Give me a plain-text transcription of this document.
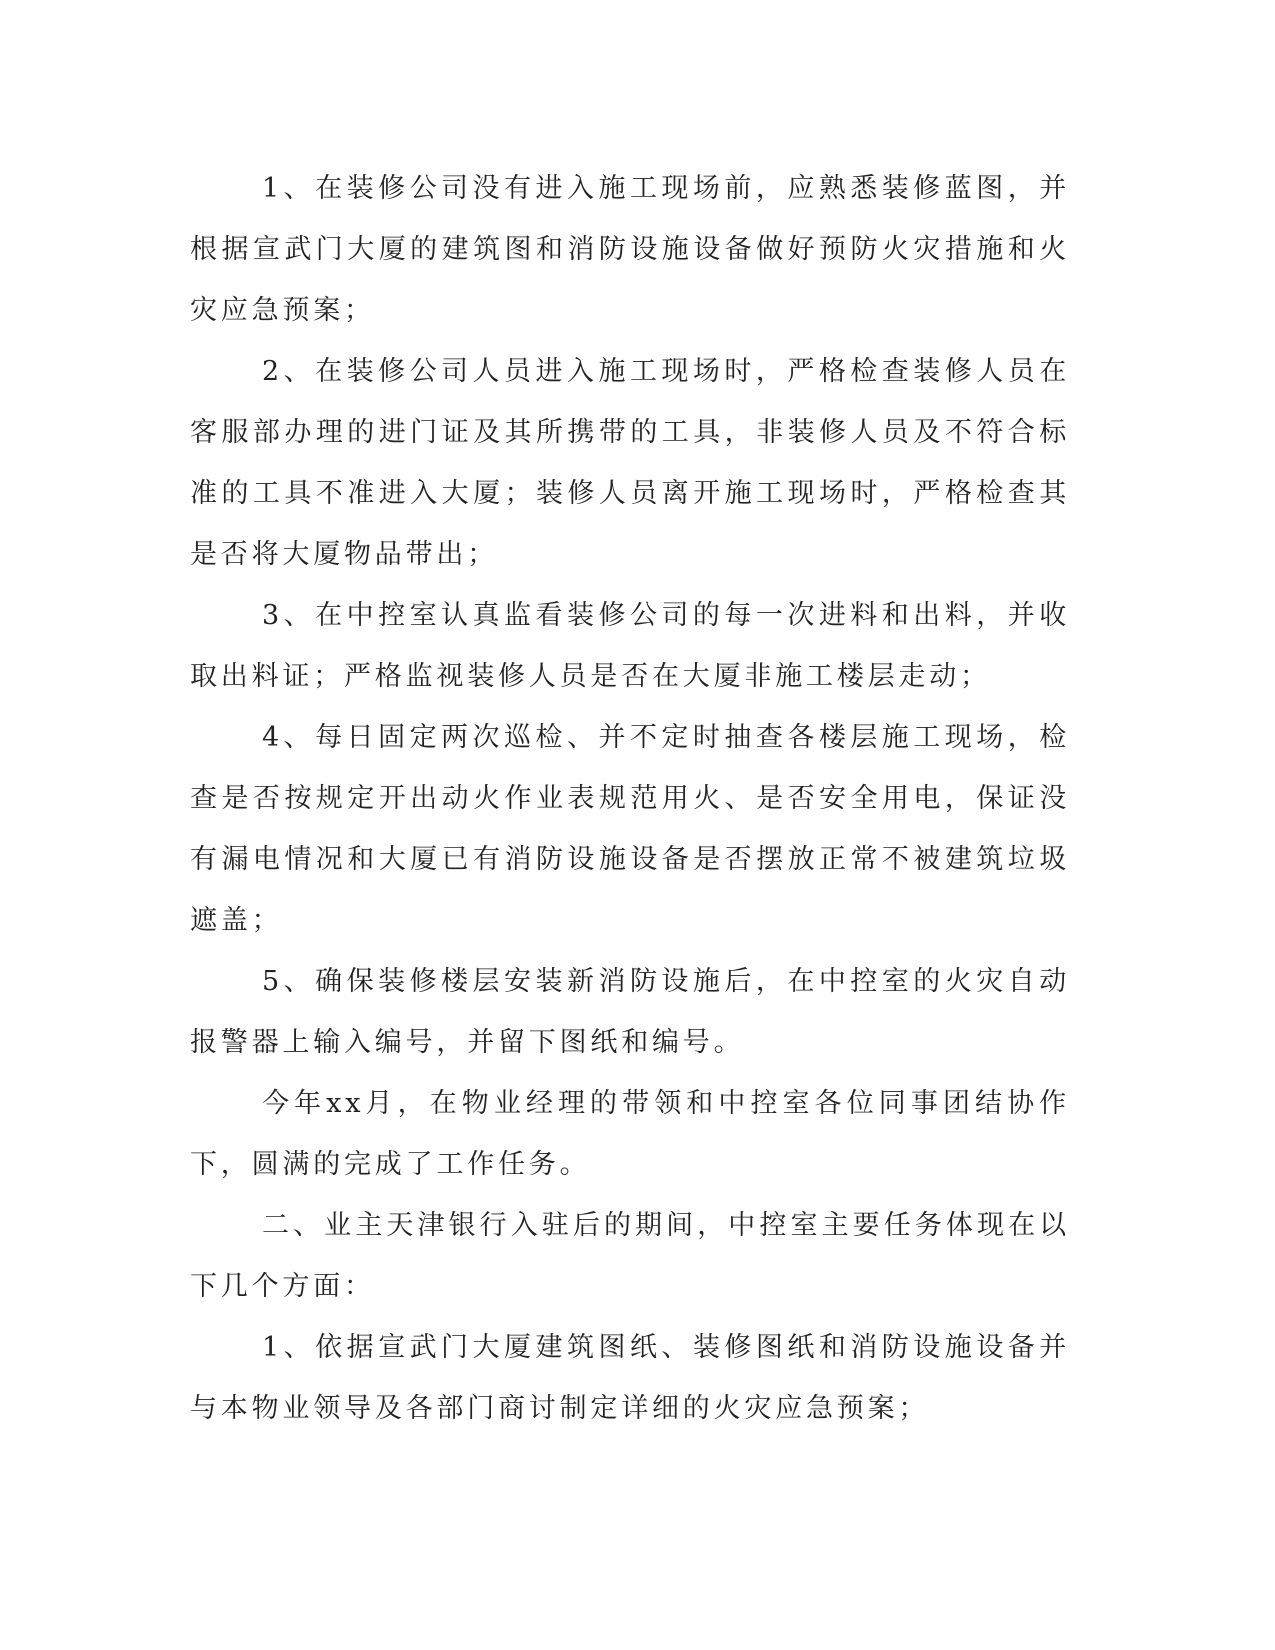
1、在装修公司没有进入施工现场前，应熟悉装修蓝图，并根据宣武门大厦的建筑图和消防设施设备做好预防火灾措施和火灾应急预案；

2、在装修公司人员进入施工现场时，严格检查装修人员在客服部办理的进门证及其所携带的工具，非装修人员及不符合标准的工具不准进入大厦；装修人员离开施工现场时，严格检查其是否将大厦物品带出；

3、在中控室认真监看装修公司的每一次进料和出料，并收取出料证；严格监视装修人员是否在大厦非施工楼层走动；

4、每日固定两次巡检、并不定时抽查各楼层施工现场，检查是否按规定开出动火作业表规范用火、是否安全用电，保证没有漏电情况和大厦已有消防设施设备是否摆放正常不被建筑垃圾遮盖；

5、确保装修楼层安装新消防设施后，在中控室的火灾自动报警器上输入编号，并留下图纸和编号。

今年xx月，在物业经理的带领和中控室各位同事团结协作下，圆满的完成了工作任务。

二、业主天津银行入驻后的期间，中控室主要任务体现在以下几个方面：

1、依据宣武门大厦建筑图纸、装修图纸和消防设施设备并与本物业领导及各部门商讨制定详细的火灾应急预案；
